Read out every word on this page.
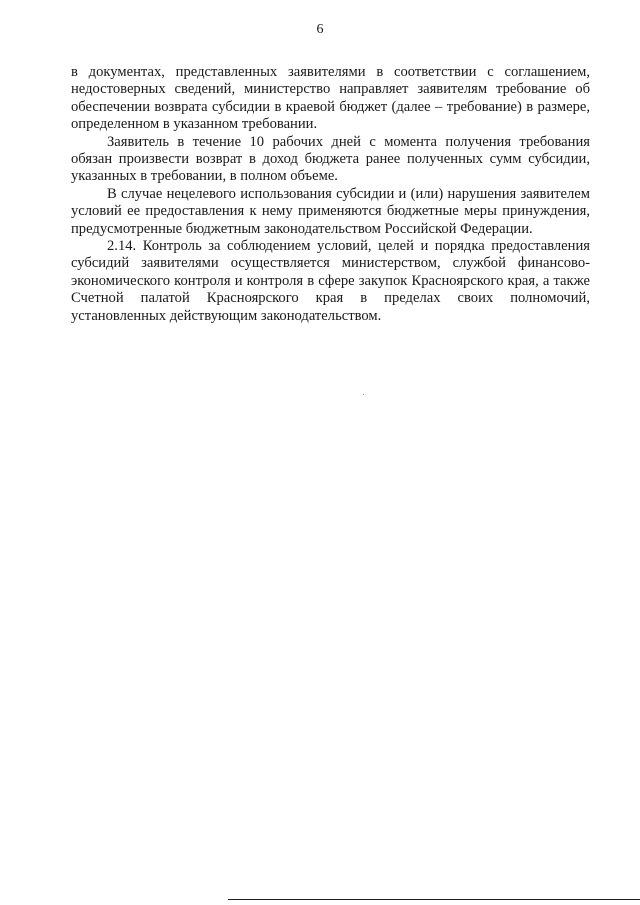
6

в документах, представленных заявителями в соответствии с соглашением, недостоверных сведений, министерство направляет заявителям требование об обеспечении возврата субсидии в краевой бюджет (далее – требование) в размере, определенном в указанном требовании.

Заявитель в течение 10 рабочих дней с момента получения требования обязан произвести возврат в доход бюджета ранее полученных сумм субсидии, указанных в требовании, в полном объеме.

В случае нецелевого использования субсидии и (или) нарушения заявителем условий ее предоставления к нему применяются бюджетные меры принуждения, предусмотренные бюджетным законодательством Российской Федерации.

2.14. Контроль за соблюдением условий, целей и порядка предоставления субсидий заявителями осуществляется министерством, службой финансово-экономического контроля и контроля в сфере закупок Красноярского края, а также Счетной палатой Красноярского края в пределах своих полномочий, установленных действующим законодательством.
